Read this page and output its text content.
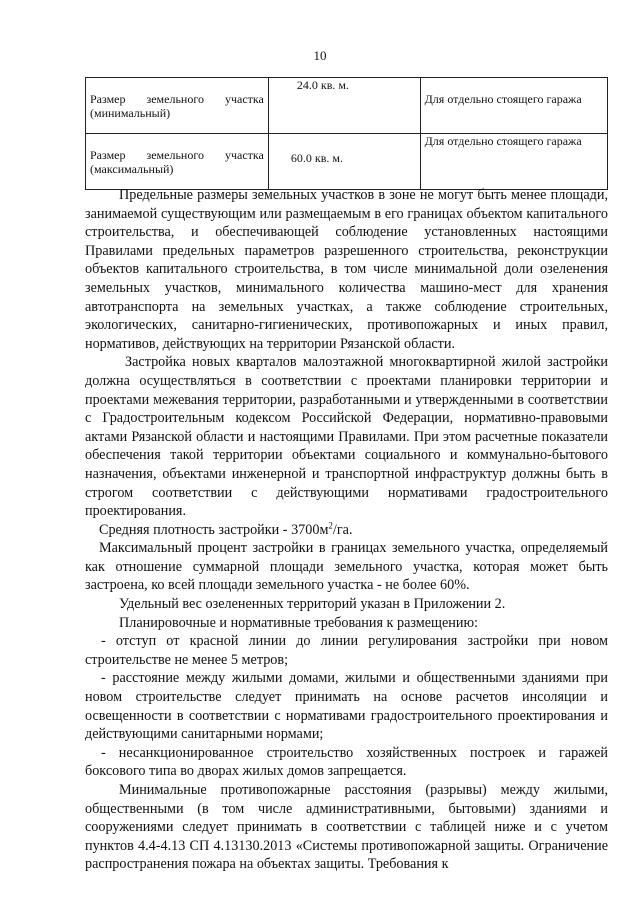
10
Размер земельного участка (минимальный)	24.0 кв. м.	Для отдельно стоящего гаража
Размер земельного участка (максимальный)	60.0 кв. м.	Для отдельно стоящего гаража

Предельные размеры земельных участков в зоне не могут быть менее площади, занимаемой существующим или размещаемым в его границах объектом капитального строительства, и обеспечивающей соблюдение установленных настоящими Правилами предельных параметров разрешенного строительства, реконструкции объектов капитального строительства, в том числе минимальной доли озеленения земельных участков, минимального количества машино-мест для хранения автотранспорта на земельных участках, а также соблюдение строительных, экологических, санитарно-гигиенических, противопожарных и иных правил, нормативов, действующих на территории Рязанской области.

Застройка новых кварталов малоэтажной многоквартирной жилой застройки должна осуществляться в соответствии с проектами планировки территории и проектами межевания территории, разработанными и утвержденными в соответствии с Градостроительным кодексом Российской Федерации, нормативно-правовыми актами Рязанской области и настоящими Правилами. При этом расчетные показатели обеспечения такой территории объектами социального и коммунально-бытового назначения, объектами инженерной и транспортной инфраструктур должны быть в строгом соответствии с действующими нормативами градостроительного проектирования.

Средняя плотность застройки - $3700м^2/га$.

Максимальный процент застройки в границах земельного участка, определяемый как отношение суммарной площади земельного участка, которая может быть застроена, ко всей площади земельного участка - не более 60%.

Удельный вес озелененных территорий указан в Приложении 2.

Планировочные и нормативные требования к размещению:

- отступ от красной линии до линии регулирования застройки при новом строительстве не менее 5 метров;

- расстояние между жилыми домами, жилыми и общественными зданиями при новом строительстве следует принимать на основе расчетов инсоляции и освещенности в соответствии с нормативами градостроительного проектирования и действующими санитарными нормами;

- несанкционированное строительство хозяйственных построек и гаражей боксового типа во дворах жилых домов запрещается.

Минимальные противопожарные расстояния (разрывы) между жилыми, общественными (в том числе административными, бытовыми) зданиями и сооружениями следует принимать в соответствии с таблицей ниже и с учетом пунктов 4.4-4.13 СП 4.13130.2013 «Системы противопожарной защиты. Ограничение распространения пожара на объектах защиты. Требования к
